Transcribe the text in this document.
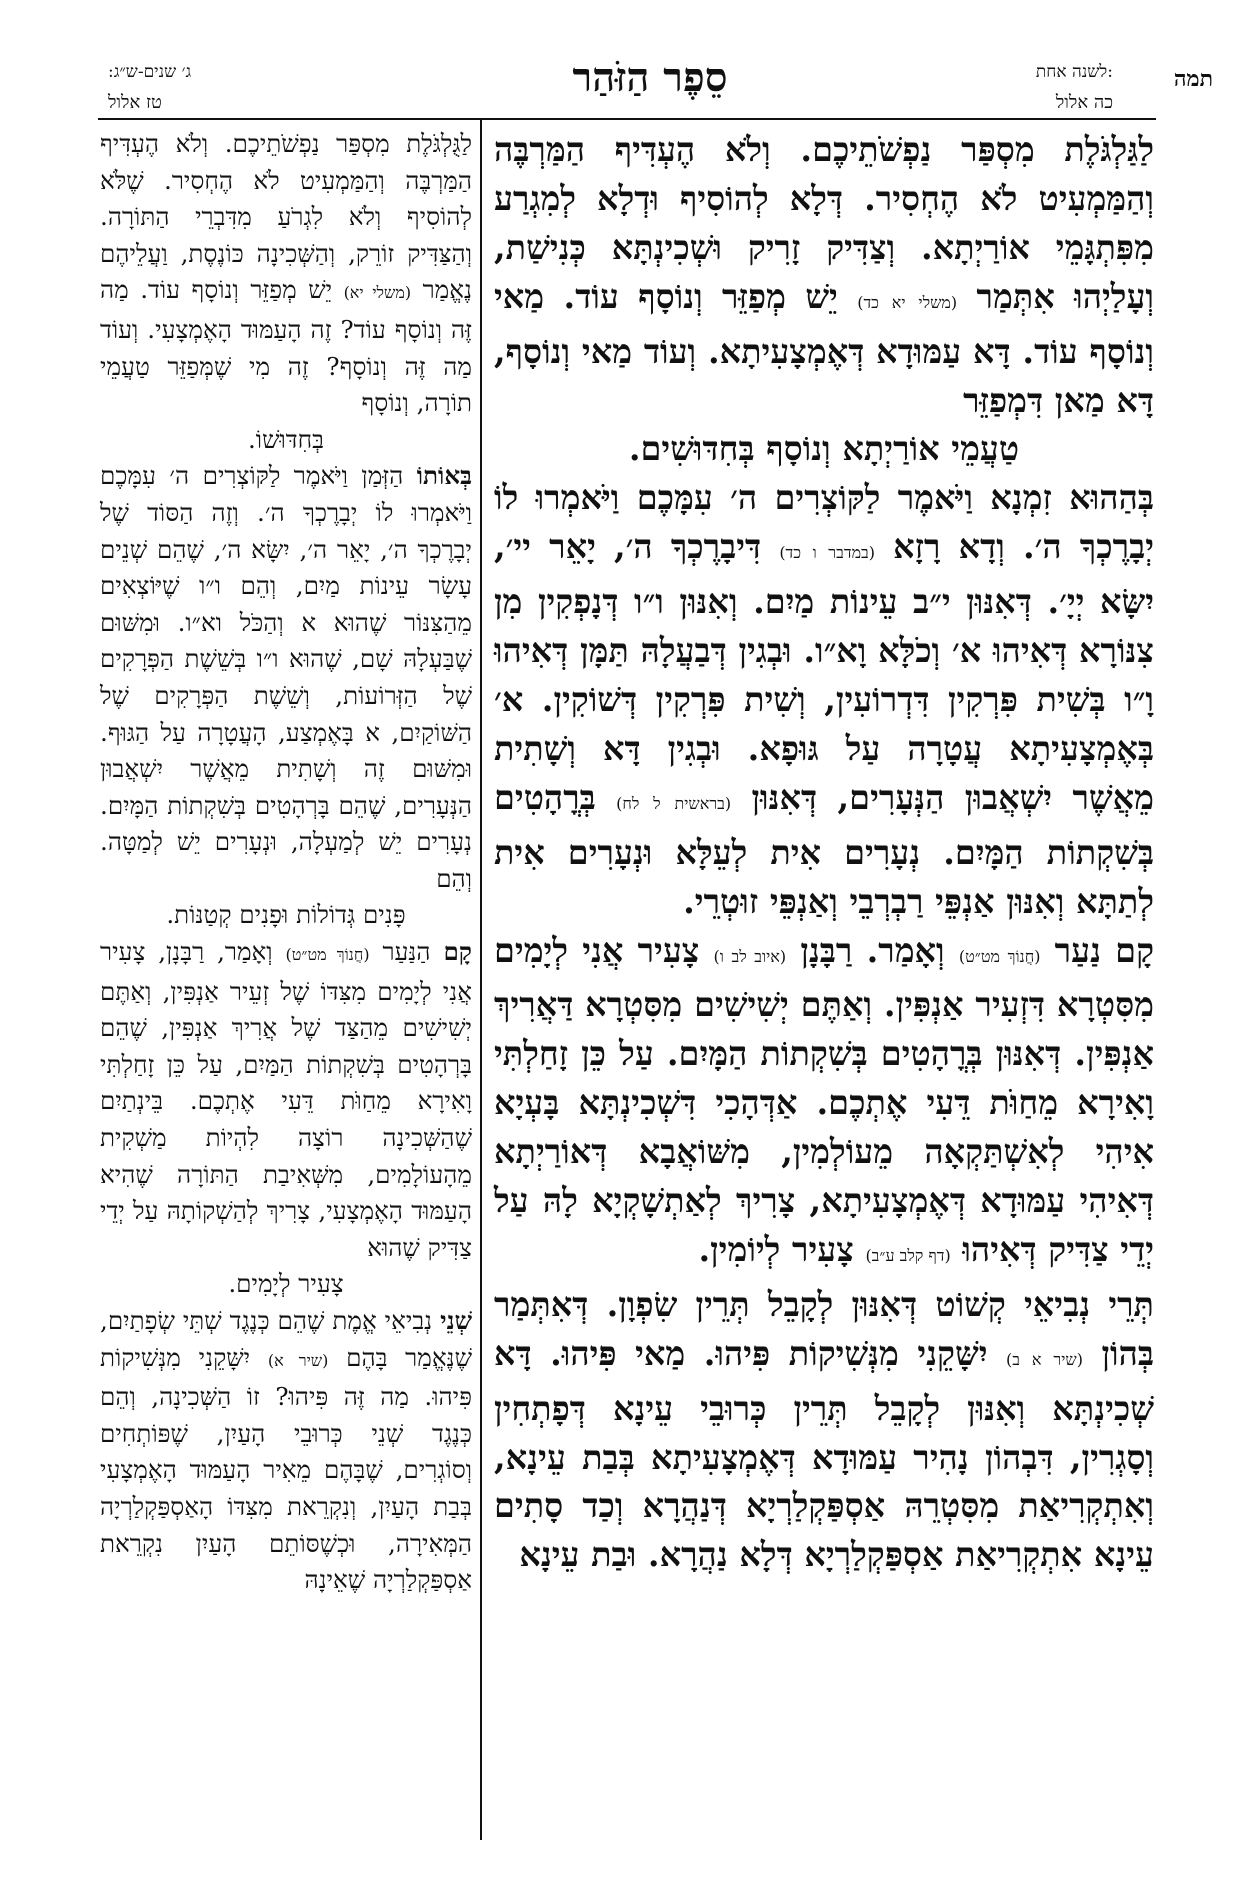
תמה
לשנה אחת:
כה אלול
סֵפֶר הַזֹּהַר
ג׳ שנים-ש״ג:
טז אלול

לַגַּלְגֹּלֶת מִסְפַּר נַפְשֹׁתֵיכֶם. וְלֹא הֶעְדִּיף הַמַּרְבֶּה וְהַמַּמְעִיט לֹא הֶחְסִיר. דְּלָא לְהוֹסִיף וּדְלָא לְמִגְרַע מִפִּתְגָּמֵי אוֹרַיְתָא. וְצַדִּיק זָרִיק וּשְׁכִינְתָּא כְּנִישַׁת, וְעָלַיְהוּ אִתְּמַר (משלי יא כד) יֵשׁ מְפַזֵּר וְנוֹסָף עוֹד. מַאי וְנוֹסָף עוֹד. דָּא עַמּוּדָא דְּאֶמְצָעִיתָא. וְעוֹד מַאי וְנוֹסָף, דָּא מַאן דִּמְפַזֵּר

טַעֲמֵי אוֹרַיְתָא וְנוֹסָף בְּחִדּוּשִׁים.

בְּהַהוּא זִמְנָא וַיֹּאמֶר לַקּוֹצְרִים ה׳ עִמָּכֶם וַיֹּאמְרוּ לוֹ יְבָרֶכְךָ ה׳. וְדָא רָזָא (במדבר ו כד) דִּיבָרֶכְךָ ה׳, יָאֵר יי׳, יִשָּׂא יְיָ׳. דְּאִנּוּן י״ב עֵינוֹת מַיִם. וְאִנּוּן ו״ו דְּנָפְקִין מִן צִנּוֹרָא דְּאִיהוּ א׳ וְכֹלָּא וָא״ו. וּבְגִין דְּבַעֲלָהּ תַּמָּן דְּאִיהוּ וָ״ו בְּשִׁית פִּרְקִין דִּדְרוֹעִין, וְשִׁית פִּרְקִין דְּשׁוֹקִין. א׳ בְּאֶמְצָעִיתָא עֲטָרָה עַל גּוּפָא. וּבְגִין דָּא וְשָׁתִית מֵאֲשֶׁר יִשְׁאֲבוּן הַנְּעָרִים, דְּאִנּוּן (בראשית ל לח) בְּרֳהָטִים בְּשִׁקְתוֹת הַמָּיִם. נְעָרִים אִית לְעֵלָּא וּנְעָרִים אִית לְתַתָּא וְאִנּוּן אַנְפֵּי רַבְרְבֵי וְאַנְפֵּי זוּטְרֵי.

קָם נַעַר (חֲנוֹךְ מט״ט) וְאָמַר. רַבָּנָן (איוב לב ו) צָעִיר אֲנִי לְיָמִים מִסִּטְרָא דִּזְעִיר אַנְפִּין. וְאַתֶּם יְשִׁישִׁים מִסִּטְרָא דַּאֲרִיךְ אַנְפִּין. דְּאִנּוּן בְּרֳהָטִים בְּשִׁקְתוֹת הַמָּיִם. עַל כֵּן זָחַלְתִּי וָאִירָא מֵחַוֹּת דֵּעִי אֶתְכֶם. אַדְּהָכִי דִּשְׁכִינְתָּא בָּעְיָא אִיהִי לְאִשְׁתַּקְאָה מֵעוֹלְמִין, מִשּׁוֹאֲבָא דְּאוֹרַיְתָא דְּאִיהִי עַמּוּדָא דְּאֶמְצָעִיתָא, צָרִיךְ לְאַתְשָׁקְיָא לָהּ עַל יְדֵי צַדִּיק דְּאִיהוּ (דף קלב ע״ב) צָעִיר לְיוֹמִין.

תְּרֵי נְבִיאֵי קְשׁוֹט דְּאִנּוּן לְקָבֵל תְּרֵין שִׂפְוָן. דְּאִתְּמַר בְּהוֹן (שיר א ב) יִשָּׁקֵנִי מִנְּשִׁיקוֹת פִּיהוּ. מַאי פִּיהוּ. דָּא שְׁכִינְתָּא וְאִנּוּן לְקָבֵל תְּרֵין כְּרוּבֵי עֵינָא דְּפָתְחִין וְסָגְרִין, דִּבְהוֹן נָהִיר עַמּוּדָא דְּאֶמְצָעִיתָא בְּבַת עֵינָא, וְאִתְקְרִיאַת מִסִּטְרֵהּ אַסְפַּקְלַרְיָא דְּנַהֲרָא וְכַד סָתִים עֵינָא אִתְקְרִיאַת אַסְפַּקְלַרְיָא דְּלָא נַהֲרָא. וּבַת עֵינָא

לַגֻּלְגֹּלֶת מִסְפַּר נַפְשֹׁתֵיכֶם. וְלֹא הֶעְדִּיף הַמַּרְבֶּה וְהַמַּמְעִיט לֹא הֶחְסִיר. שֶׁלֹּא לְהוֹסִיף וְלֹא לִגְרֹעַ מִדִּבְרֵי הַתּוֹרָה. וְהַצַּדִּיק זוֹרֵק, וְהַשְּׁכִינָה כּוֹנֶסֶת, וַעֲלֵיהֶם נֶאֱמַר (משלי יא) יֵשׁ מְפַזֵּר וְנוֹסָף עוֹד. מַה זֶּה וְנוֹסָף עוֹד? זֶה הָעַמּוּד הָאֶמְצָעִי. וְעוֹד מַה זֶּה וְנוֹסָף? זֶה מִי שֶׁמְּפַזֵּר טַעֲמֵי תוֹרָה, וְנוֹסָף

בְּחִדּוּשׁוֹ.

בְּאוֹתוֹ הַזְּמַן וַיֹּאמֶר לַקּוֹצְרִים ה׳ עִמָּכֶם וַיֹּאמְרוּ לוֹ יְבָרֶכְךָ ה׳. וְזֶה הַסּוֹד שֶׁל יְבָרֶכְךָ ה׳, יָאֵר ה׳, יִשָּׂא ה׳, שֶׁהֵם שְׁנֵים עָשָׂר עֵינוֹת מַיִם, וְהֵם ו״ו שֶׁיּוֹצְאִים מֵהַצִּנּוֹר שֶׁהוּא א וְהַכֹּל וא״ו. וּמִשּׁוּם שֶׁבַּעְלָהּ שָׁם, שֶׁהוּא ו״ו בְּשֵׁשֶׁת הַפְּרָקִים שֶׁל הַזְּרוֹעוֹת, וְשֵׁשֶׁת הַפְּרָקִים שֶׁל הַשּׁוֹקַיִם, א בָּאֶמְצַע, הָעֲטָרָה עַל הַגּוּף. וּמִשּׁוּם זֶה וְשָׁתִית מֵאֲשֶׁר יִשְׁאֲבוּן הַנְּעָרִים, שֶׁהֵם בָּרְהָטִים בְּשִׁקְתוֹת הַמָּיִם. נְעָרִים יֵשׁ לְמַעְלָה, וּנְעָרִים יֵשׁ לְמַטָּה. וְהֵם

פָּנִים גְּדוֹלוֹת וּפָנִים קְטַנּוֹת.

קָם הַנַּעַר (חֲנוֹךְ מט״ט) וְאָמַר, רַבָּנָן, צָעִיר אֲנִי לְיָמִים מִצִּדּוֹ שֶׁל זְעֵיר אַנְפִּין, וְאַתֶּם יְשִׁישִׁים מֵהַצַּד שֶׁל אֲרִיךְ אַנְפִּין, שֶׁהֵם בָּרְהָטִים בְּשִׁקְתוֹת הַמַּיִם, עַל כֵּן זָחַלְתִּי וָאִירָא מֵחַוֹּת דֵּעִי אֶתְכֶם. בֵּינְתַיִם שֶׁהַשְּׁכִינָה רוֹצָה לִהְיוֹת מַשְׁקִית מֵהָעוֹלָמִים, מִשְּׁאִיבַת הַתּוֹרָה שֶׁהִיא הָעַמּוּד הָאֶמְצָעִי, צָרִיךְ לְהַשְׁקוֹתָהּ עַל יְדֵי צַדִּיק שֶׁהוּא

צָעִיר לְיָמִים.

שְׁנֵי נְבִיאֵי אֱמֶת שֶׁהֵם כְּנֶגֶד שְׁתֵּי שְׂפָתַיִם, שֶׁנֶּאֱמַר בָּהֶם (שיר א) יִשָּׁקֵנִי מִנְּשִׁיקוֹת פִּיהוּ. מַה זֶּה פִּיהוּ? זוֹ הַשְּׁכִינָה, וְהֵם כְּנֶגֶד שְׁנֵי כְּרוּבֵי הָעַיִן, שֶׁפּוֹתְחִים וְסוֹגְרִים, שֶׁבָּהֶם מֵאִיר הָעַמּוּד הָאֶמְצָעִי בְּבַת הָעַיִן, וְנִקְרֵאת מִצִּדּוֹ הָאַסְפַּקְלַרְיָה הַמְּאִירָה, וּכְשֶׁסּוֹתֵם הָעַיִן נִקְרֵאת אַסְפַּקְלַרְיָה שֶׁאֵינָהּ
